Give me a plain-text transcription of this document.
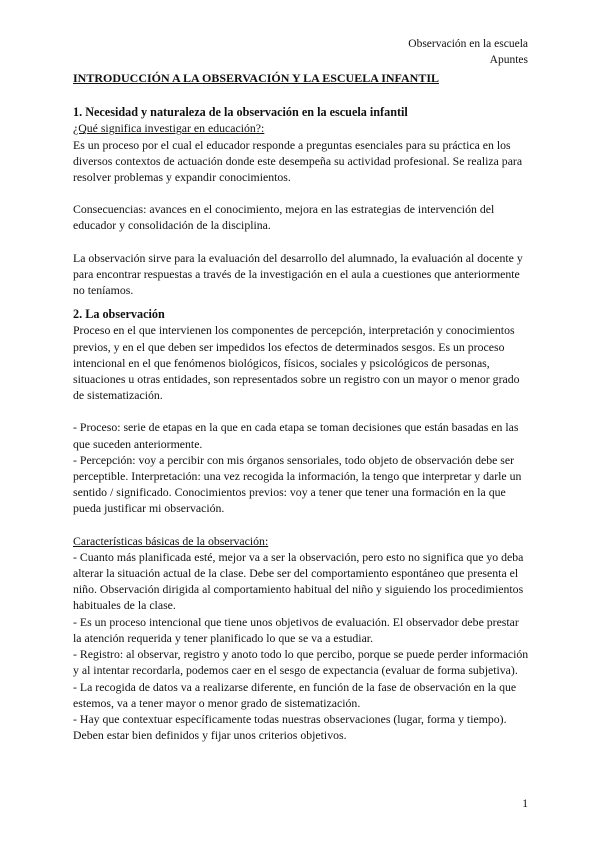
Observación en la escuela
Apuntes
INTRODUCCIÓN A LA OBSERVACIÓN Y LA ESCUELA INFANTIL
1. Necesidad y naturaleza de la observación en la escuela infantil

¿Qué significa investigar en educación?:

Es un proceso por el cual el educador responde a preguntas esenciales para su práctica en los diversos contextos de actuación donde este desempeña su actividad profesional. Se realiza para resolver problemas y expandir conocimientos.

Consecuencias: avances en el conocimiento, mejora en las estrategias de intervención del educador y consolidación de la disciplina.

La observación sirve para la evaluación del desarrollo del alumnado, la evaluación al docente y para encontrar respuestas a través de la investigación en el aula a cuestiones que anteriormente no teníamos.

2. La observación

Proceso en el que intervienen los componentes de percepción, interpretación y conocimientos previos, y en el que deben ser impedidos los efectos de determinados sesgos. Es un proceso intencional en el que fenómenos biológicos, físicos, sociales y psicológicos de personas, situaciones u otras entidades, son representados sobre un registro con un mayor o menor grado de sistematización.

- Proceso: serie de etapas en la que en cada etapa se toman decisiones que están basadas en las que suceden anteriormente.

- Percepción: voy a percibir con mis órganos sensoriales, todo objeto de observación debe ser perceptible. Interpretación: una vez recogida la información, la tengo que interpretar y darle un sentido / significado. Conocimientos previos: voy a tener que tener una formación en la que pueda justificar mi observación.

Características básicas de la observación:

- Cuanto más planificada esté, mejor va a ser la observación, pero esto no significa que yo deba alterar la situación actual de la clase. Debe ser del comportamiento espontáneo que presenta el niño. Observación dirigida al comportamiento habitual del niño y siguiendo los procedimientos habituales de la clase.

- Es un proceso intencional que tiene unos objetivos de evaluación. El observador debe prestar la atención requerida y tener planificado lo que se va a estudiar.

- Registro: al observar, registro y anoto todo lo que percibo, porque se puede perder información y al intentar recordarla, podemos caer en el sesgo de expectancia (evaluar de forma subjetiva).

- La recogida de datos va a realizarse diferente, en función de la fase de observación en la que estemos, va a tener mayor o menor grado de sistematización.

- Hay que contextuar específicamente todas nuestras observaciones (lugar, forma y tiempo). Deben estar bien definidos y fijar unos criterios objetivos.

1
